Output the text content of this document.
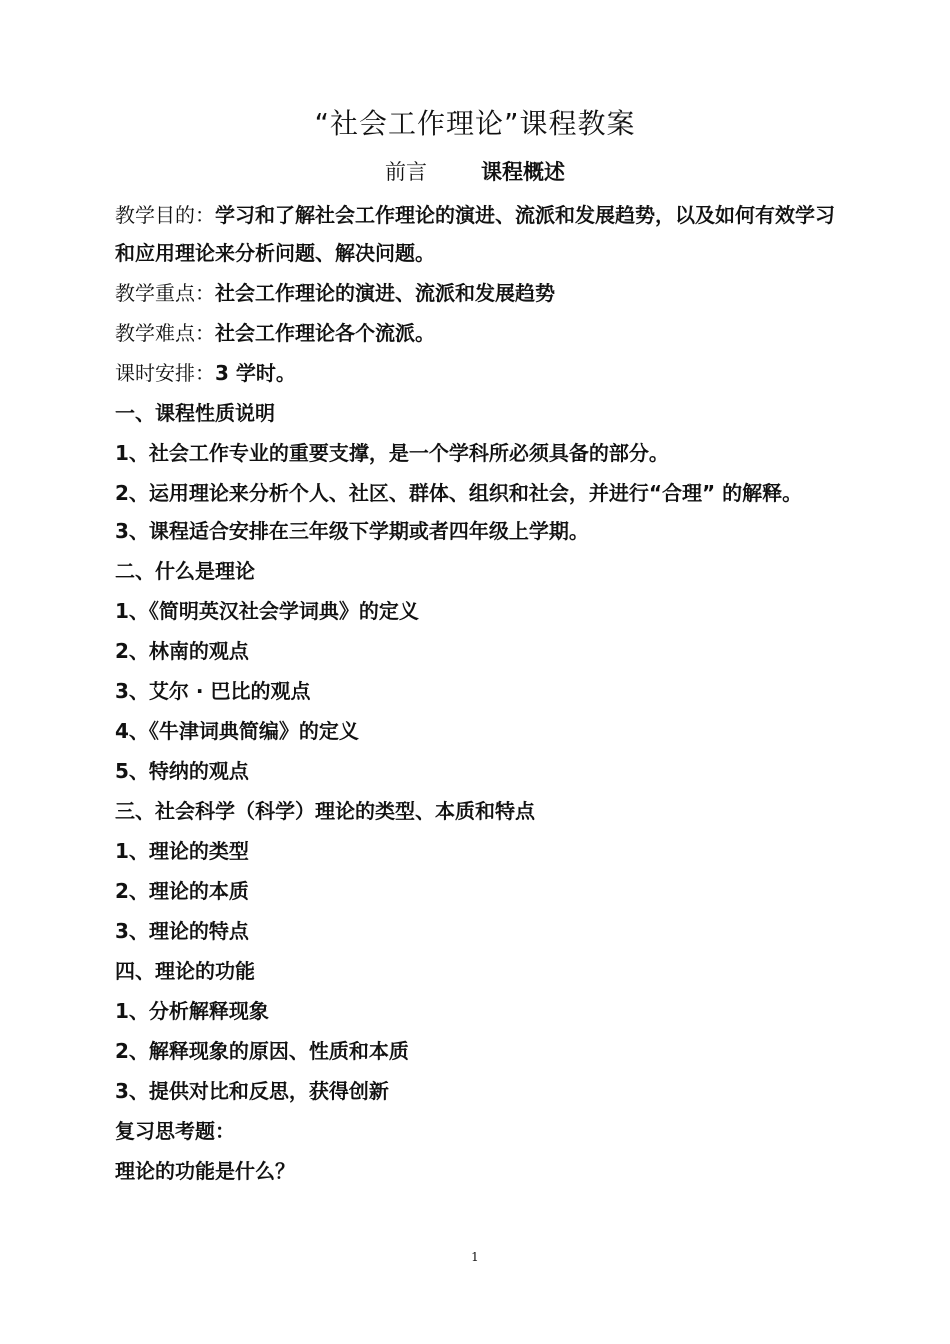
“社会工作理论”课程教案
前言	课程概述
教学目的：学习和了解社会工作理论的演进、流派和发展趋势，以及如何有效学习和应用理论来分析问题、解决问题。
教学重点：社会工作理论的演进、流派和发展趋势
教学难点：社会工作理论各个流派。
课时安排：3 学时。
一、课程性质说明
1、社会工作专业的重要支撑，是一个学科所必须具备的部分。
2、运用理论来分析个人、社区、群体、组织和社会，并进行“合理” 的解释。
3、课程适合安排在三年级下学期或者四年级上学期。
二、什么是理论
1、《简明英汉社会学词典》的定义
2、林南的观点
3、艾尔 · 巴比的观点
4、《牛津词典简编》的定义
5、特纳的观点
三、社会科学（科学）理论的类型、本质和特点
1、理论的类型
2、理论的本质
3、理论的特点
四、理论的功能
1、分析解释现象
2、解释现象的原因、性质和本质
3、提供对比和反思，获得创新
复习思考题：
理论的功能是什么？
1
